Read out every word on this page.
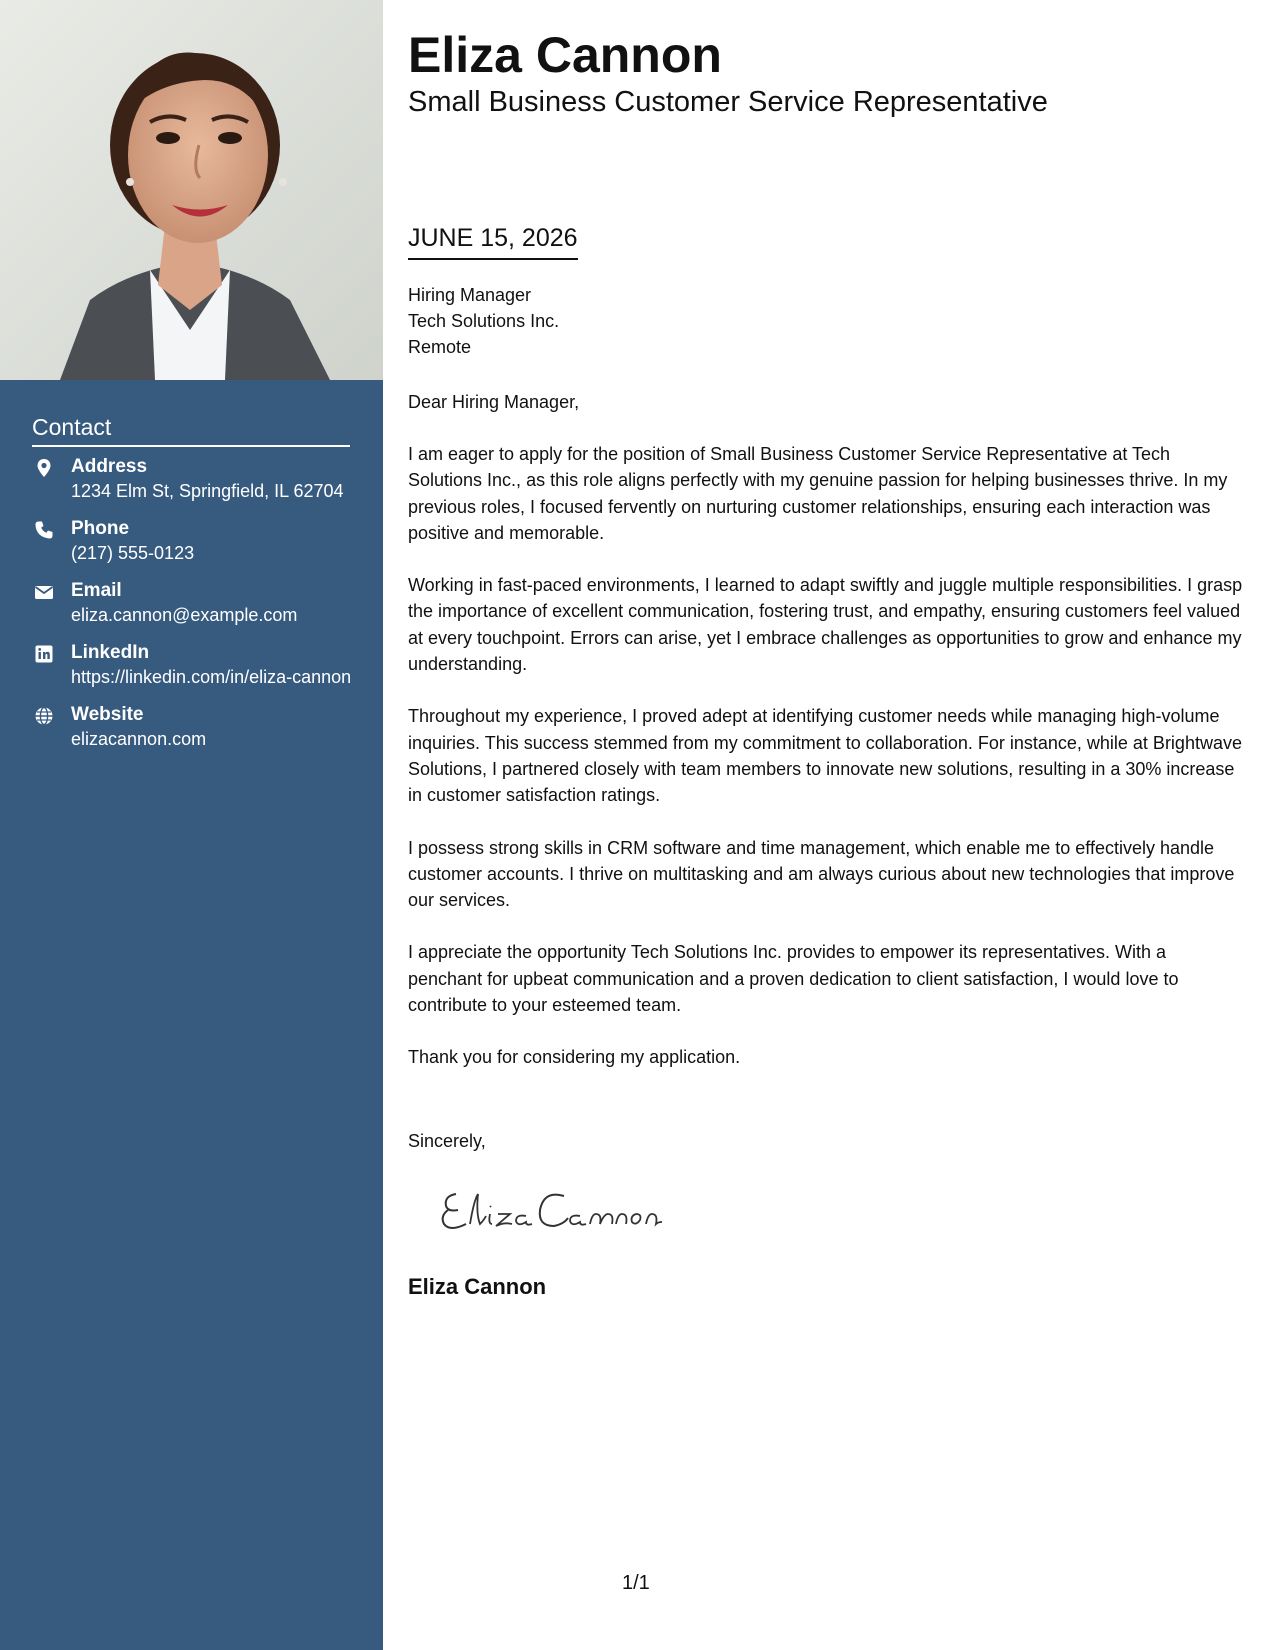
Contact
Address
1234 Elm St, Springfield, IL 62704
Phone
(217) 555-0123
Email
eliza.cannon@example.com
LinkedIn
https://linkedin.com/in/eliza-cannon
Website
elizacannon.com
Eliza Cannon
Small Business Customer Service Representative
JUNE 15, 2026
Hiring Manager
Tech Solutions Inc.
Remote
Dear Hiring Manager,

I am eager to apply for the position of Small Business Customer Service Representative at Tech Solutions Inc., as this role aligns perfectly with my genuine passion for helping businesses thrive. In my previous roles, I focused fervently on nurturing customer relationships, ensuring each interaction was positive and memorable.

Working in fast-paced environments, I learned to adapt swiftly and juggle multiple responsibilities. I grasp the importance of excellent communication, fostering trust, and empathy, ensuring customers feel valued at every touchpoint. Errors can arise, yet I embrace challenges as opportunities to grow and enhance my understanding.

Throughout my experience, I proved adept at identifying customer needs while managing high-volume inquiries. This success stemmed from my commitment to collaboration. For instance, while at Brightwave Solutions, I partnered closely with team members to innovate new solutions, resulting in a 30% increase in customer satisfaction ratings.

I possess strong skills in CRM software and time management, which enable me to effectively handle customer accounts. I thrive on multitasking and am always curious about new technologies that improve our services.

I appreciate the opportunity Tech Solutions Inc. provides to empower its representatives. With a penchant for upbeat communication and a proven dedication to client satisfaction, I would love to contribute to your esteemed team.

Thank you for considering my application.

Sincerely,
Eliza Cannon
1/1
